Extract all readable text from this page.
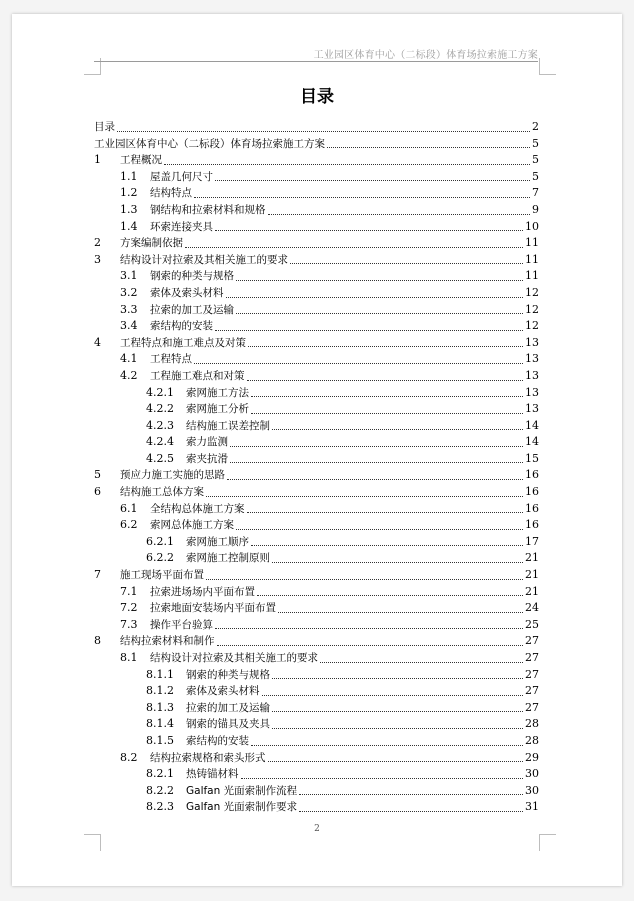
工业园区体育中心（二标段）体育场拉索施工方案
目录
目录	2
工业园区体育中心（二标段）体育场拉索施工方案	5
1	工程概况	5
1.1	屋盖几何尺寸	5
1.2	结构特点	7
1.3	钢结构和拉索材料和规格	9
1.4	环索连接夹具	10
2	方案编制依据	11
3	结构设计对拉索及其相关施工的要求	11
3.1	钢索的种类与规格	11
3.2	索体及索头材料	12
3.3	拉索的加工及运输	12
3.4	索结构的安装	12
4	工程特点和施工难点及对策	13
4.1	工程特点	13
4.2	工程施工难点和对策	13
4.2.1	索网施工方法	13
4.2.2	索网施工分析	13
4.2.3	结构施工误差控制	14
4.2.4	索力监测	14
4.2.5	索夹抗滑	15
5	预应力施工实施的思路	16
6	结构施工总体方案	16
6.1	全结构总体施工方案	16
6.2	索网总体施工方案	16
6.2.1	索网施工顺序	17
6.2.2	索网施工控制原则	21
7	施工现场平面布置	21
7.1	拉索进场场内平面布置	21
7.2	拉索地面安装场内平面布置	24
7.3	操作平台验算	25
8	结构拉索材料和制作	27
8.1	结构设计对拉索及其相关施工的要求	27
8.1.1	钢索的种类与规格	27
8.1.2	索体及索头材料	27
8.1.3	拉索的加工及运输	27
8.1.4	钢索的锚具及夹具	28
8.1.5	索结构的安装	28
8.2	结构拉索规格和索头形式	29
8.2.1	热铸锚材料	30
8.2.2	Galfan 光面索制作流程	30
8.2.3	Galfan 光面索制作要求	31
2
